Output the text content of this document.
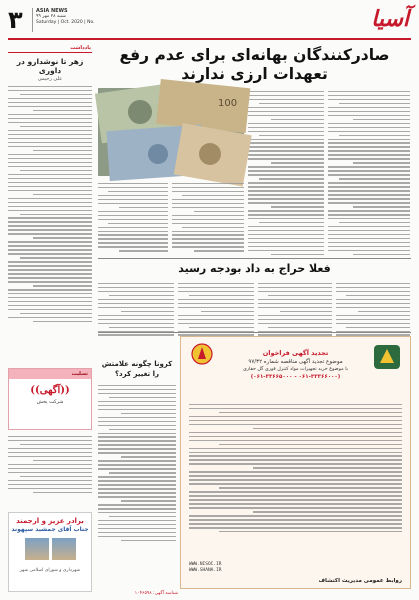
۳	ASIA NEWS
شنبه ۲۸ مهر ۹۹
Saturday | Oct. 2020 | No.	آسیا
یادداشت
زهر تا نوشدارو در داوری
علی رحیمی
تسلیت
((آگهی))
شرکت پخش
برادر عزیز و ارجمند
جناب آقای جمشید سپهوند
شهرداری و شورای اسلامی شهر
صادرکنندگان بهانه‌ای برای عدم رفع تعهدات ارزی ندارند
100
فعلا حراج به داد بودجه رسید
کرونا چگونه علامتش را تغییر کرد؟
تجدید آگهی فراخوان
موضوع تجدید آگهی مناقصه شماره ۹۷/۳۲
با موضوع خرید تجهیزات مواد کنترل فوری گل حفاری
(۰۶۱-۳۳۶۶۵۰۰۰ - ۰۶۱-۳۳۳۶۶۰۰۰)
WWW.NISOC.IR
WWW.SHANA.IR
روابط عمومی مدیریت اکتشاف
شناسه آگهی: ۱۰۴۶۵۹۸
